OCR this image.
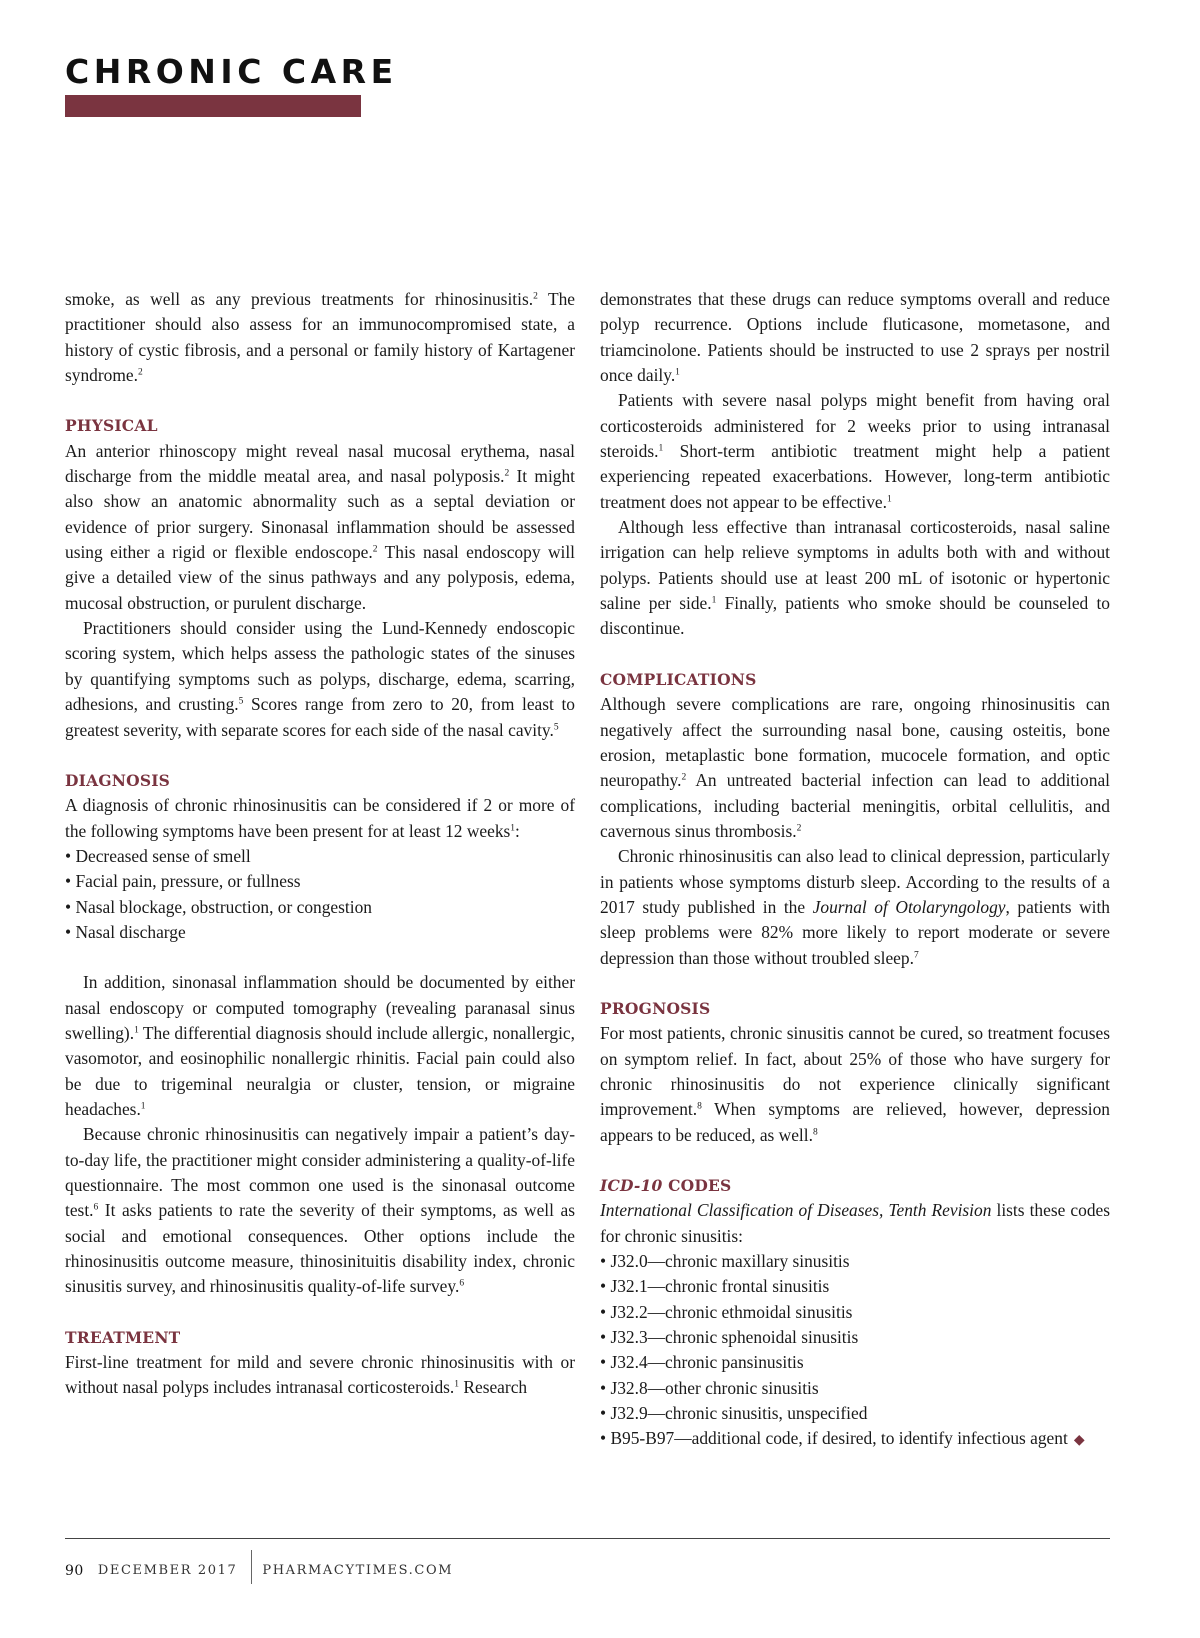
CHRONIC CARE

smoke, as well as any previous treatments for rhinosinusitis.$^2$ The practitioner should also assess for an immunocompromised state, a history of cystic fibrosis, and a personal or family history of Kartagener syndrome.$^2$

PHYSICAL

An anterior rhinoscopy might reveal nasal mucosal erythema, nasal discharge from the middle meatal area, and nasal polyposis.$^2$ It might also show an anatomic abnormality such as a septal deviation or evidence of prior surgery. Sinonasal inflammation should be assessed using either a rigid or flexible endoscope.$^2$ This nasal endoscopy will give a detailed view of the sinus pathways and any polyposis, edema, mucosal obstruction, or purulent discharge.

Practitioners should consider using the Lund-Kennedy endoscopic scoring system, which helps assess the pathologic states of the sinuses by quantifying symptoms such as polyps, discharge, edema, scarring, adhesions, and crusting.$^5$ Scores range from zero to 20, from least to greatest severity, with separate scores for each side of the nasal cavity.$^5$

DIAGNOSIS

A diagnosis of chronic rhinosinusitis can be considered if 2 or more of the following symptoms have been present for at least 12 weeks$^1$:

• Decreased sense of smell
• Facial pain, pressure, or fullness
• Nasal blockage, obstruction, or congestion
• Nasal discharge

In addition, sinonasal inflammation should be documented by either nasal endoscopy or computed tomography (revealing paranasal sinus swelling).$^1$ The differential diagnosis should include allergic, nonallergic, vasomotor, and eosinophilic nonallergic rhinitis. Facial pain could also be due to trigeminal neuralgia or cluster, tension, or migraine headaches.$^1$

Because chronic rhinosinusitis can negatively impair a patient’s day-to-day life, the practitioner might consider administering a quality-of-life questionnaire. The most common one used is the sinonasal outcome test.$^6$ It asks patients to rate the severity of their symptoms, as well as social and emotional consequences. Other options include the rhinosinusitis outcome measure, thinosinituitis disability index, chronic sinusitis survey, and rhinosinusitis quality-of-life survey.$^6$

TREATMENT

First-line treatment for mild and severe chronic rhinosinusitis with or without nasal polyps includes intranasal corticosteroids.$^1$ Research

demonstrates that these drugs can reduce symptoms overall and reduce polyp recurrence. Options include fluticasone, mometasone, and triamcinolone. Patients should be instructed to use 2 sprays per nostril once daily.$^1$

Patients with severe nasal polyps might benefit from having oral corticosteroids administered for 2 weeks prior to using intranasal steroids.$^1$ Short-term antibiotic treatment might help a patient experiencing repeated exacerbations. However, long-term antibiotic treatment does not appear to be effective.$^1$

Although less effective than intranasal corticosteroids, nasal saline irrigation can help relieve symptoms in adults both with and without polyps. Patients should use at least 200 mL of isotonic or hypertonic saline per side.$^1$ Finally, patients who smoke should be counseled to discontinue.

COMPLICATIONS

Although severe complications are rare, ongoing rhinosinusitis can negatively affect the surrounding nasal bone, causing osteitis, bone erosion, metaplastic bone formation, mucocele formation, and optic neuropathy.$^2$ An untreated bacterial infection can lead to additional complications, including bacterial meningitis, orbital cellulitis, and cavernous sinus thrombosis.$^2$

Chronic rhinosinusitis can also lead to clinical depression, particularly in patients whose symptoms disturb sleep. According to the results of a 2017 study published in the Journal of Otolaryngology, patients with sleep problems were 82% more likely to report moderate or severe depression than those without troubled sleep.$^7$

PROGNOSIS

For most patients, chronic sinusitis cannot be cured, so treatment focuses on symptom relief. In fact, about 25% of those who have surgery for chronic rhinosinusitis do not experience clinically significant improvement.$^8$ When symptoms are relieved, however, depression appears to be reduced, as well.$^8$

ICD-10 CODES

International Classification of Diseases, Tenth Revision lists these codes for chronic sinusitis:

• J32.0—chronic maxillary sinusitis
• J32.1—chronic frontal sinusitis
• J32.2—chronic ethmoidal sinusitis
• J32.3—chronic sphenoidal sinusitis
• J32.4—chronic pansinusitis
• J32.8—other chronic sinusitis
• J32.9—chronic sinusitis, unspecified
• B95-B97—additional code, if desired, to identify infectious agent ◆
90 DECEMBER 2017 PHARMACYTIMES.COM
